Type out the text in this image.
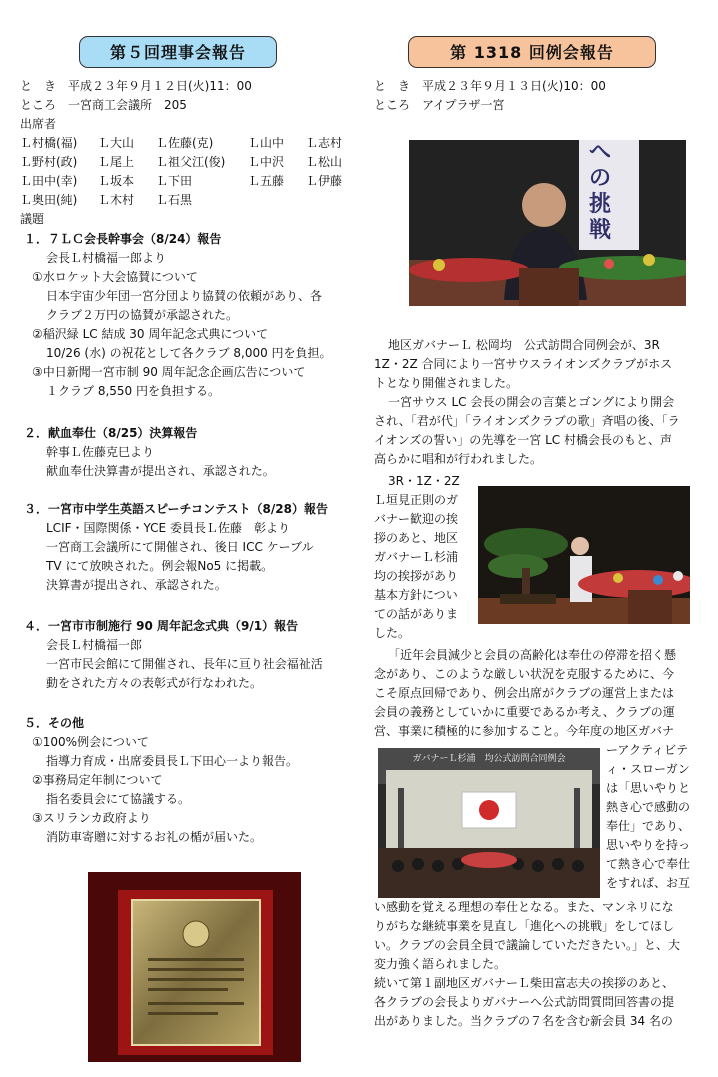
第５回理事会報告
と　き　平成２３年９月１２日(火)11：00
ところ　一宮商工会議所　205
出席者
Ｌ村橋(福)	Ｌ大山	Ｌ佐藤(克)	Ｌ山中	Ｌ志村
Ｌ野村(政)	Ｌ尾上	Ｌ祖父江(俊)	Ｌ中沢	Ｌ松山
Ｌ田中(幸)	Ｌ坂本	Ｌ下田	Ｌ五藤	Ｌ伊藤
Ｌ奥田(純)	Ｌ木村	Ｌ石黒
議題
１．７ＬＣ会長幹事会（8/24）報告
会長Ｌ村橋福一郎より
①水ロケット大会協賛について
日本宇宙少年団一宮分団より協賛の依頼があり、各
クラブ２万円の協賛が承認された。
②稲沢緑 LC 結成 30 周年記念式典について
10/26 (水) の祝花として各クラブ 8,000 円を負担。
③中日新聞一宮市制 90 周年記念企画広告について
１クラブ 8,550 円を負担する。
２．献血奉仕（8/25）決算報告
幹事Ｌ佐藤克巳より
献血奉仕決算書が提出され、承認された。
３．一宮市中学生英語スピーチコンテスト（8/28）報告
LCIF・国際関係・YCE 委員長Ｌ佐藤　彰より
一宮商工会議所にて開催され、後日 ICC ケーブル
TV にて放映された。例会報No5 に掲載。
決算書が提出され、承認された。
４．一宮市市制施行 90 周年記念式典（9/1）報告
会長Ｌ村橋福一郎
一宮市民会館にて開催され、長年に亘り社会福祉活
動をされた方々の表彰式が行なわれた。
５．その他
①100%例会について
指導力育成・出席委員長Ｌ下田心一より報告。
②事務局定年制について
指名委員会にて協議する。
③スリランカ政府より
消防車寄贈に対するお礼の楯が届いた。
第 1318 回例会報告
と　き　平成２３年９月１３日(火)10：00
ところ　アイプラザ一宮
への挑戦
地区ガバナーＬ 松岡均　公式訪問合同例会が、3R
1Z・2Z 合同により一宮サウスライオンズクラブがホス
トとなり開催されました。
一宮サウス LC 会長の開会の言葉とゴングにより開会
され、「君が代」「ライオンズクラブの歌」斉唱の後、「ラ
イオンズの誓い」の先導を一宮 LC 村橋会長のもと、声
高らかに唱和が行われました。
3R・1Z・2Z
Ｌ垣見正則のガ
バナー歓迎の挨
拶のあと、地区
ガバナーＬ杉浦
均の挨拶があり
基本方針につい
ての話がありま
した。
「近年会員減少と会員の高齢化は奉仕の停滞を招く懸
念があり、このような厳しい状況を克服するために、今
こそ原点回帰であり、例会出席がクラブの運営上または
会員の義務としていかに重要であるか考え、クラブの運
営、事業に積極的に参加すること。今年度の地区ガバナ
ガバナーＬ杉浦　均公式訪問合同例会
ーアクティビテ
ィ・スローガン
は「思いやりと
熱き心で感動の
奉仕」であり、
思いやりを持っ
て熱き心で奉仕
をすれば、お互
い感動を覚える理想の奉仕となる。また、マンネリにな
りがちな継続事業を見直し「進化への挑戦」をしてほし
い。クラブの会員全員で議論していただきたい。」と、大
変力強く語られました。
続いて第１副地区ガバナーＬ柴田富志夫の挨拶のあと、
各クラブの会長よりガバナーへ公式訪問質問回答書の提
出がありました。当クラブの７名を含む新会員 34 名の
